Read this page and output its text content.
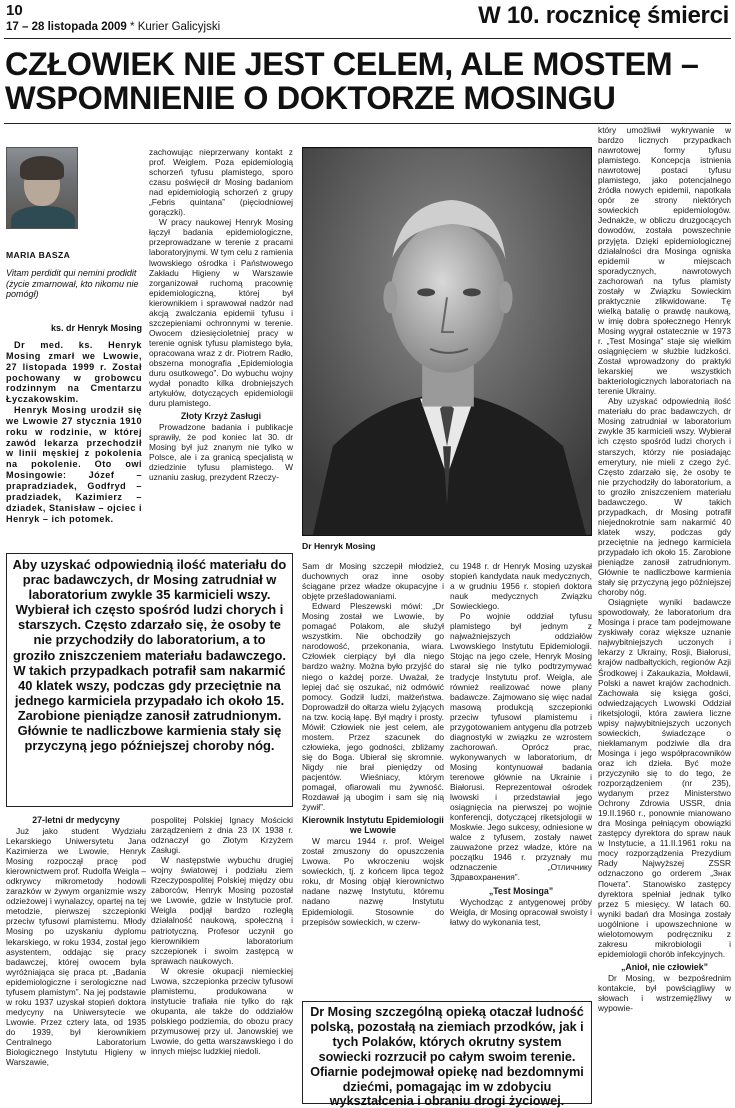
10
17 – 28 listopada 2009 * Kurier Galicyjski	W 10. rocznicę śmierci
CZŁOWIEK NIE JEST CELEM, ALE MOSTEM –
WSPOMNIENIE O DOKTORZE MOSINGU
MARIA BASZA
Vitam perdidit qui nemini prodidit (życie zmarnował, kto nikomu nie pomógł)
ks. dr Henryk Mosing

Dr med. ks. Henryk Mosing zmarł we Lwowie, 27 listopada 1999 r. Został pochowany w grobowcu rodzinnym na Cmentarzu Łyczakowskim.

Henryk Mosing urodził się we Lwowie 27 stycznia 1910 roku w rodzinie, w której zawód lekarza przechodził w linii męskiej z pokolenia na pokolenie. Oto owi Mosingowie: Józef – prapradziadek, Godfryd – pradziadek, Kazimierz – dziadek, Stanisław – ojciec i Henryk – ich potomek.

zachowując nieprzerwany kontakt z prof. Weiglem. Poza epidemiologią schorzeń tyfusu plamistego, sporo czasu poświęcił dr Mosing badaniom nad epidemiologią schorzeń z grupy „Febris quintana” (pięciodniowej gorączki).

W pracy naukowej Henryk Mosing łączył badania epidemiologiczne, przeprowadzane w terenie z pracami laboratoryjnymi. W tym celu z ramienia lwowskiego ośrodka i Państwowego Zakładu Higieny w Warszawie zorganizował ruchomą pracownię epidemiologiczną, której był kierownikiem i sprawował nadzór nad akcją zwalczania epidemii tyfusu i szczepieniami ochronnymi w terenie. Owocem dziesięcioletniej pracy w terenie ognisk tyfusu plamistego była, opracowana wraz z dr. Piotrem Radło, obszerna monografia „Epidemiologia duru osutkowego”. Do wybuchu wojny wydał ponadto kilka drobniejszych artykułów, dotyczących epidemiologii duru plamistego.

Złoty Krzyż Zasługi

Prowadzone badania i publikacje sprawiły, że pod koniec lat 30. dr Mosing był już znanym nie tylko w Polsce, ale i za granicą specjalistą w dziedzinie tyfusu plamistego. W uznaniu zasług, prezydent Rzeczy-

Dr Henryk Mosing

który umożliwił wykrywanie w bardzo licznych przypadkach nawrotowej formy tyfusu plamistego. Koncepcja istnienia nawrotowej postaci tyfusu plamistego, jako potencjalnego źródła nowych epidemii, napotkała opór ze strony niektórych sowieckich epidemiologów. Jednakże, w obliczu druzgocących dowodów, została powszechnie przyjęta. Dzięki epidemiologicznej działalności dra Mosinga ogniska epidemii w miejscach sporadycznych, nawrotowych zachorowań na tyfus plamisty zostały w Związku Sowieckim praktycznie zlikwidowane. Tę wielką batalię o prawdę naukową, w imię dobra społecznego Henryk Mosing wygrał ostatecznie w 1973 r. „Test Mosinga” staje się wielkim osiągnięciem w służbie ludzkości. Został wprowadzony do praktyki lekarskiej we wszystkich bakteriologicznych laboratoriach na terenie Ukrainy.

Aby uzyskać odpowiednią ilość materiału do prac badawczych, dr Mosing zatrudniał w laboratorium zwykle 35 karmicieli wszy. Wybierał ich często spośród ludzi chorych i starszych, którzy nie posiadając emerytury, nie mieli z czego żyć. Często zdarzało się, że osoby te nie przychodziły do laboratorium, a to groziło zniszczeniem materiału badawczego. W takich przypadkach, dr Mosing potrafił niejednokrotnie sam nakarmić 40 klatek wszy, podczas gdy przeciętnie na jednego karmiciela przypadało ich około 15. Zarobione pieniądze zanosił zatrudnionym. Głównie te nadliczbowe karmienia stały się przyczyną jego późniejszej choroby nóg.

Osiągnięte wyniki badawcze spowodowały, że laboratorium dra Mosinga i prace tam podejmowane zyskiwały coraz większe uznanie najwybitniejszych uczonych i lekarzy z Ukrainy, Rosji, Białorusi, krajów nadbałtyckich, regionów Azji Środkowej i Zakaukazia, Mołdawii, Polski a nawet krajów zachodnich. Zachowała się księga gości, odwiedzających Lwowski Oddział riketsjologii, która zawiera liczne wpisy najwybitniejszych uczonych sowieckich, świadczące o niekłamanym podziwie dla dra Mosinga i jego współpracowników oraz ich dzieła. Być może przyczyniło się to do tego, że rozporządzeniem (nr 235), wydanym przez Ministerstwo Ochrony Zdrowia USSR, dnia 19.II.1960 r., ponownie mianowano dra Mosinga pełniącym obowiązki zastępcy dyrektora do spraw nauk w Instytucie, a 11.II.1961 roku na mocy rozporządzenia Prezydium Rady Najwyższej ZSSR odznaczono go orderem „Знак Почета”. Stanowisko zastępcy dyrektora spełniał jednak tylko przez 5 miesięcy. W latach 60. wyniki badań dra Mosinga zostały uogólnione i upowszechnione w wielotomowym podręczniku z zakresu mikrobiologii i epidemiologii chorób infekcyjnych.

„Anioł, nie człowiek”

Dr Mosing, w bezpośrednim kontakcie, był powściągliwy w słowach i wstrzemięźliwy w wypowie-

Aby uzyskać odpowiednią ilość materiału do prac badawczych, dr Mosing zatrudniał w laboratorium zwykle 35 karmicieli wszy. Wybierał ich często spośród ludzi chorych i starszych. Często zdarzało się, że osoby te nie przychodziły do laboratorium, a to groziło zniszczeniem materiału badawczego. W takich przypadkach potrafił sam nakarmić 40 klatek wszy, podczas gdy przeciętnie na jednego karmiciela przypadało ich około 15. Zarobione pieniądze zanosił zatrudnionym. Głównie te nadliczbowe karmienia stały się przyczyną jego późniejszej choroby nóg.
27-letni dr medycyny

Już jako student Wydziału Lekarskiego Uniwersytetu Jana Kazimierza we Lwowie, Henryk Mosing rozpoczął pracę pod kierownictwem prof. Rudolfa Weigla – odkrywcy mikrometody hodowli zarazków w żywym organizmie wszy odzieżowej i wynalazcy, opartej na tej metodzie, pierwszej szczepionki przeciw tyfusowi plamistemu. Młody Mosing po uzyskaniu dyplomu lekarskiego, w roku 1934, został jego asystentem, oddając się pracy badawczej, której owocem była wyróżniająca się praca pt. „Badania epidemiologiczne i serologiczne nad tyfusem plamistym”. Na jej podstawie w roku 1937 uzyskał stopień doktora medycyny na Uniwersytecie we Lwowie. Przez cztery lata, od 1935 do 1939, był kierownikiem Centralnego Laboratorium Biologicznego Instytutu Higieny w Warszawie,

pospolitej Polskiej Ignacy Mościcki zarządzeniem z dnia 23 IX 1938 r. odznaczył go Złotym Krzyżem Zasługi.

W następstwie wybuchu drugiej wojny światowej i podziału ziem Rzeczypospolitej Polskiej między obu zaborców, Henryk Mosing pozostał we Lwowie, gdzie w Instytucie prof. Weigla podjął bardzo rozległą działalność naukową, społeczną i patriotyczną. Profesor uczynił go kierownikiem laboratorium szczepionek i swoim zastępcą w sprawach naukowych.

W okresie okupacji niemieckiej Lwowa, szczepionka przeciw tyfusowi plamistemu, produkowana w instytucie trafiała nie tylko do rąk okupanta, ale także do oddziałów polskiego podziemia, do obozu pracy przymusowej przy ul. Janowskiej we Lwowie, do getta warszawskiego i do innych miejsc ludzkiej niedoli.

Sam dr Mosing szczepił młodzież, duchownych oraz inne osoby ściągane przez władze okupacyjne i objęte prześladowaniami.

Edward Pleszewski mówi: „Dr Mosing został we Lwowie, by pomagać Polakom, ale służył wszystkim. Nie obchodziły go narodowość, przekonania, wiara. Człowiek cierpiący był dla niego bardzo ważny. Można było przyjść do niego o każdej porze. Uważał, że lepiej dać się oszukać, niż odmówić pomocy. Godził ludzi, małżeństwa. Doprowadził do ołtarza wielu żyjących na tzw. kocią łapę. Był mądry i prosty. Mówił: Człowiek nie jest celem, ale mostem. Przez szacunek do człowieka, jego godności, zbliżamy się do Boga. Ubierał się skromnie. Nigdy nie brał pieniędzy od pacjentów. Wieśniacy, którym pomagał, ofiarowali mu żywność. Rozdawał ją ubogim i sam się nią żywił”.

Kierownik Instytutu Epidemiologii we Lwowie

W marcu 1944 r. prof. Weigel został zmuszony do opuszczenia Lwowa. Po wkroczeniu wojsk sowieckich, tj. z końcem lipca tegoż roku, dr Mosing objął kierownictwo nadane nazwę Instytutu, któremu nadano nazwę Instytutu Epidemiologii. Stosownie do przepisów sowieckich, w czerw-

cu 1948 r. dr Henryk Mosing uzyskał stopień kandydata nauk medycznych, a w grudniu 1956 r. stopień doktora nauk medycznych Związku Sowieckiego.

Po wojnie oddział tyfusu plamistego był jednym z najważniejszych oddziałów Lwowskiego Instytutu Epidemiologii. Stojąc na jego czele, Henryk Mosing starał się nie tylko podtrzymywać tradycje Instytutu prof. Weigla, ale również realizować nowe plany badawcze. Zajmowano się więc nadal masową produkcją szczepionki przeciw tyfusowi plamistemu i przygotowaniem antygenu dla potrzeb diagnostyki w związku ze wzrostem zachorowań. Oprócz prac, wykonywanych w laboratorium, dr Mosing kontynuował badania terenowe głównie na Ukrainie i Białorusi. Reprezentował ośrodek lwowski i przedstawiał jego osiągnięcia na pierwszej po wojnie konferencji, dotyczącej riketsjologii w Moskwie. Jego sukcesy, odniesione w walce z tyfusem, zostały nawet zauważone przez władze, które na początku 1946 r. przyznały mu odznaczenie „Отличнику Здравохранения”.

„Test Mosinga”

Wychodząc z antygenowej próby Weigla, dr Mosing opracował swoisty i łatwy do wykonania test,

Dr Mosing szczególną opieką otaczał ludność polską, pozostałą na ziemiach przodków, jak i tych Polaków, których okrutny system sowiecki rozrzucił po całym swoim terenie. Ofiarnie podejmował opiekę nad bezdomnymi dziećmi, pomagając im w zdobyciu wykształcenia i obraniu drogi życiowej.
